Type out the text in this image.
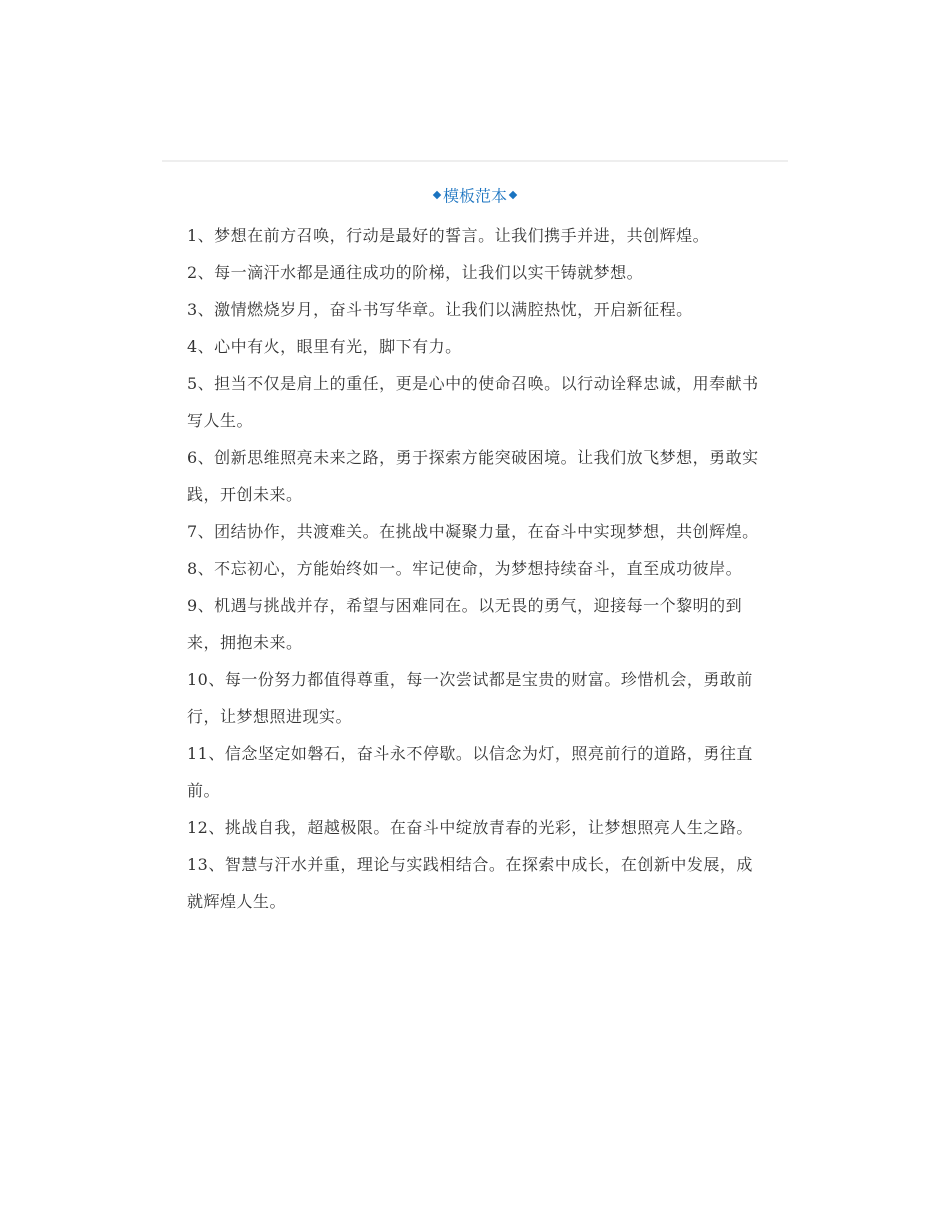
模板范本
1、梦想在前方召唤，行动是最好的誓言。让我们携手并进，共创辉煌。
2、每一滴汗水都是通往成功的阶梯，让我们以实干铸就梦想。
3、激情燃烧岁月，奋斗书写华章。让我们以满腔热忱，开启新征程。
4、心中有火，眼里有光，脚下有力。
5、担当不仅是肩上的重任，更是心中的使命召唤。以行动诠释忠诚，用奉献书写人生。
6、创新思维照亮未来之路，勇于探索方能突破困境。让我们放飞梦想，勇敢实践，开创未来。
7、团结协作，共渡难关。在挑战中凝聚力量，在奋斗中实现梦想，共创辉煌。
8、不忘初心，方能始终如一。牢记使命，为梦想持续奋斗，直至成功彼岸。
9、机遇与挑战并存，希望与困难同在。以无畏的勇气，迎接每一个黎明的到来，拥抱未来。
10、每一份努力都值得尊重，每一次尝试都是宝贵的财富。珍惜机会，勇敢前行，让梦想照进现实。
11、信念坚定如磐石，奋斗永不停歇。以信念为灯，照亮前行的道路，勇往直前。
12、挑战自我，超越极限。在奋斗中绽放青春的光彩，让梦想照亮人生之路。
13、智慧与汗水并重，理论与实践相结合。在探索中成长，在创新中发展，成就辉煌人生。
